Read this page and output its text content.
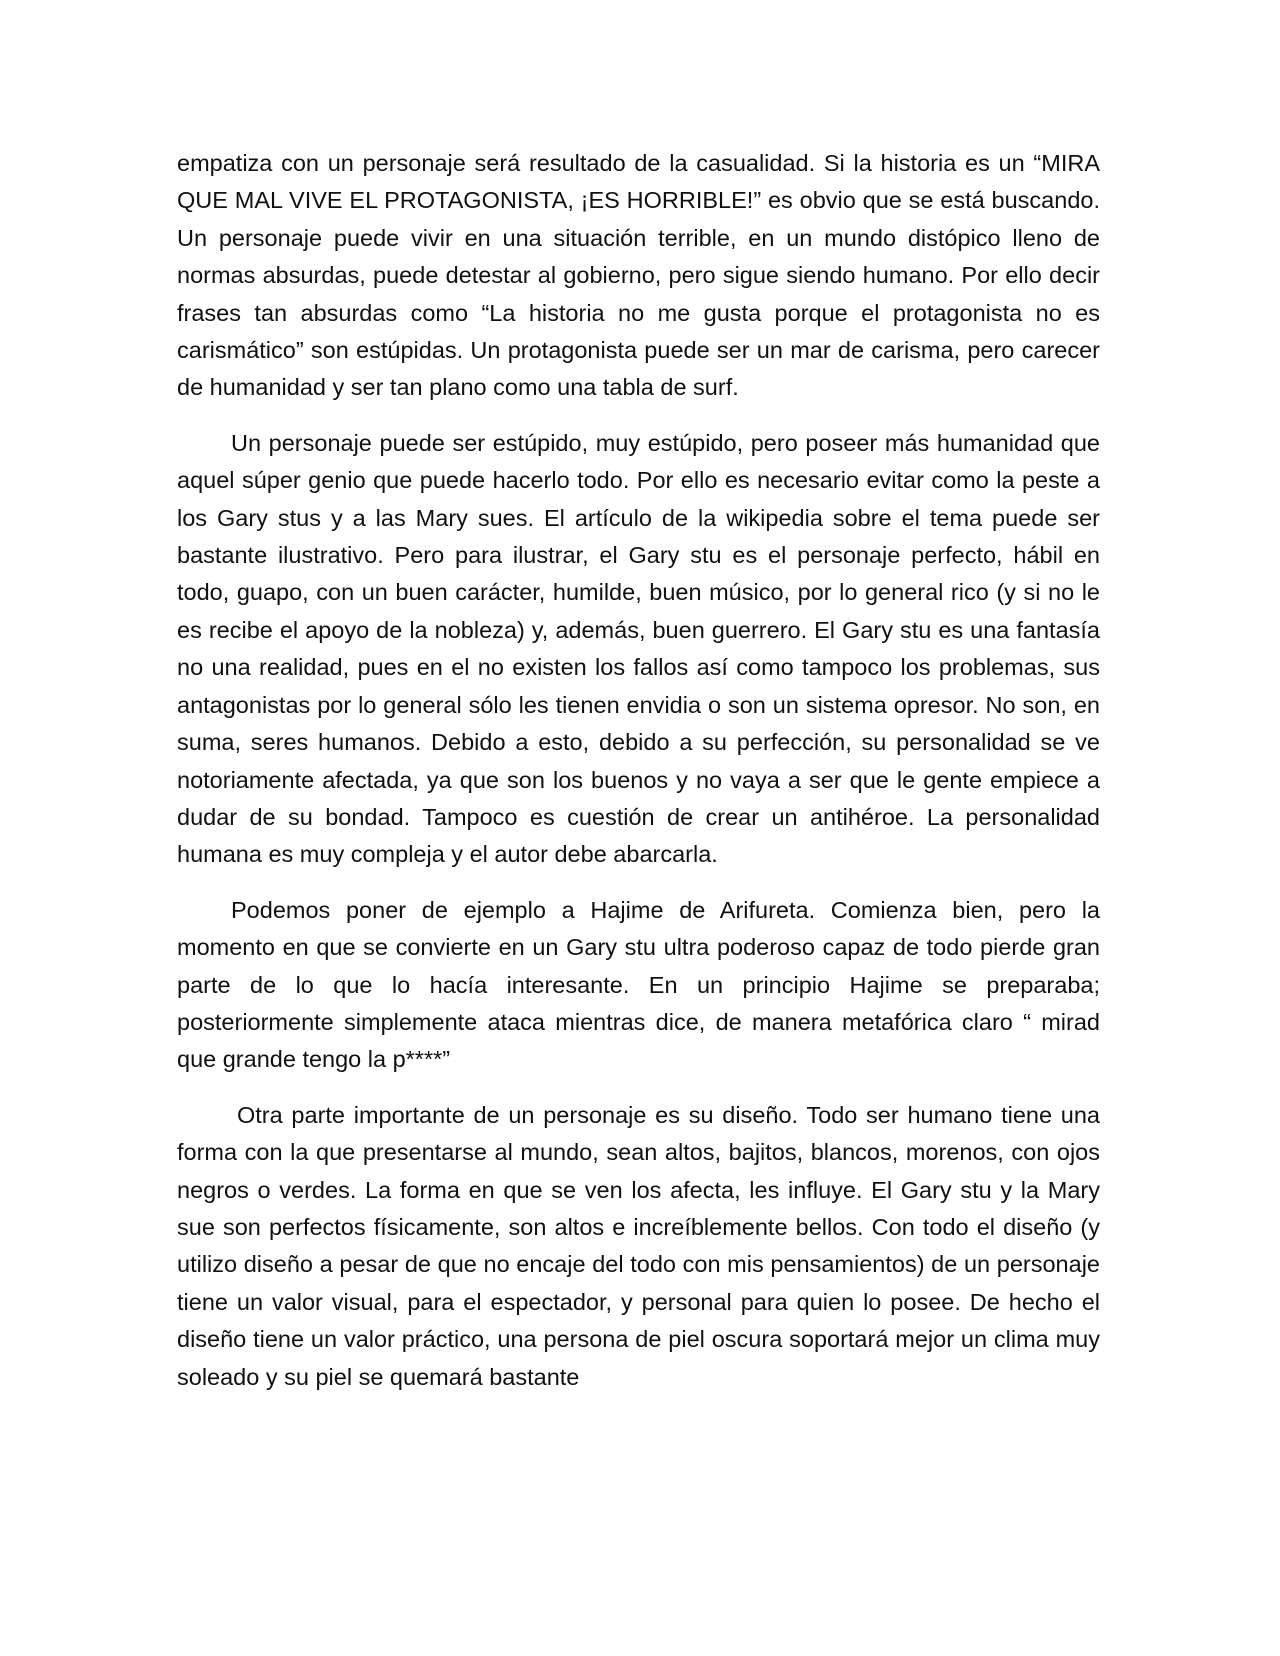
empatiza con un personaje será resultado de la casualidad. Si la historia es un “MIRA QUE MAL VIVE EL PROTAGONISTA, ¡ES HORRIBLE!” es obvio que se está buscando. Un personaje puede vivir en una situación terrible, en un mundo distópico lleno de normas absurdas, puede detestar al gobierno, pero sigue siendo humano. Por ello decir frases tan absurdas como “La historia no me gusta porque el protagonista no es carismático” son estúpidas. Un protagonista puede ser un mar de carisma, pero carecer de humanidad y ser tan plano como una tabla de surf.

Un personaje puede ser estúpido, muy estúpido, pero poseer más humanidad que aquel súper genio que puede hacerlo todo. Por ello es necesario evitar como la peste a los Gary stus y a las Mary sues. El artículo de la wikipedia sobre el tema puede ser bastante ilustrativo. Pero para ilustrar, el Gary stu es el personaje perfecto, hábil en todo, guapo, con un buen carácter, humilde, buen músico, por lo general rico (y si no le es recibe el apoyo de la nobleza) y, además, buen guerrero. El Gary stu es una fantasía no una realidad, pues en el no existen los fallos así como tampoco los problemas, sus antagonistas por lo general sólo les tienen envidia o son un sistema opresor. No son, en suma, seres humanos. Debido a esto, debido a su perfección, su personalidad se ve notoriamente afectada, ya que son los buenos y no vaya a ser que le gente empiece a dudar de su bondad. Tampoco es cuestión de crear un antihéroe. La personalidad humana es muy compleja y el autor debe abarcarla.

Podemos poner de ejemplo a Hajime de Arifureta. Comienza bien, pero la momento en que se convierte en un Gary stu ultra poderoso capaz de todo pierde gran parte de lo que lo hacía interesante. En un principio Hajime se preparaba; posteriormente simplemente ataca mientras dice, de manera metafórica claro “ mirad que grande tengo la p****”

Otra parte importante de un personaje es su diseño. Todo ser humano tiene una forma con la que presentarse al mundo, sean altos, bajitos, blancos, morenos, con ojos negros o verdes. La forma en que se ven los afecta, les influye. El Gary stu y la Mary sue son perfectos físicamente, son altos e increíblemente bellos. Con todo el diseño (y utilizo diseño a pesar de que no encaje del todo con mis pensamientos) de un personaje tiene un valor visual, para el espectador, y personal para quien lo posee. De hecho el diseño tiene un valor práctico, una persona de piel oscura soportará mejor un clima muy soleado y su piel se quemará bastante
